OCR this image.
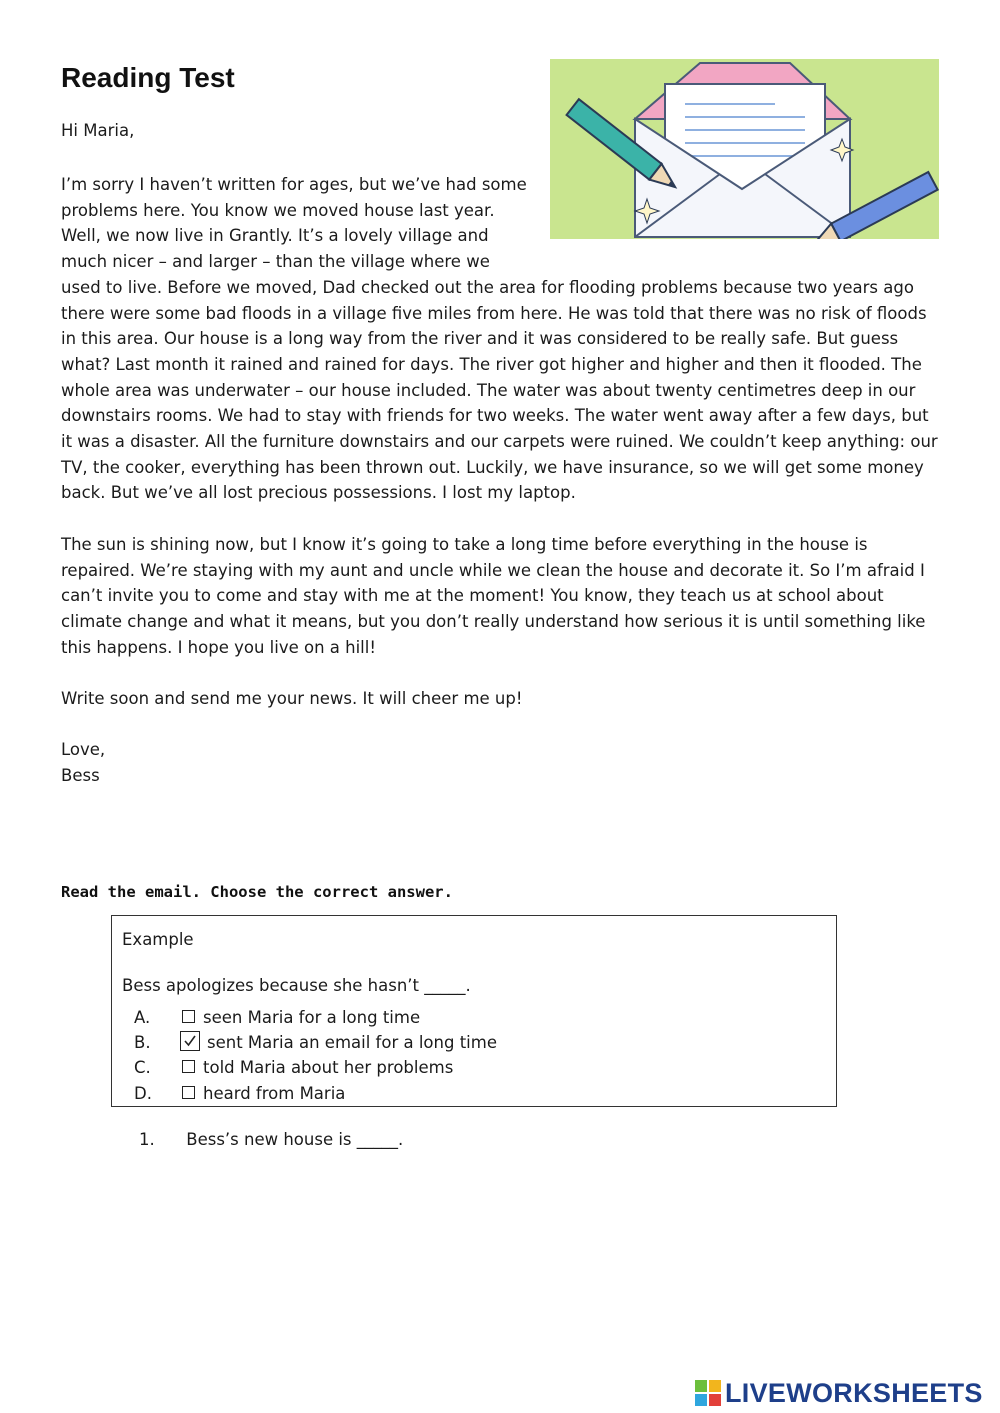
Reading Test
Hi Maria,

I’m sorry I haven’t written for ages, but we’ve had some problems here. You know we moved house last year. Well, we now live in Grantly. It’s a lovely village and much nicer – and larger – than the village where we used to live. Before we moved, Dad checked out the area for flooding problems because two years ago there were some bad floods in a village five miles from here. He was told that there was no risk of floods in this area. Our house is a long way from the river and it was considered to be really safe. But guess what? Last month it rained and rained for days. The river got higher and higher and then it flooded. The whole area was underwater – our house included. The water was about twenty centimetres deep in our downstairs rooms. We had to stay with friends for two weeks. The water went away after a few days, but it was a disaster. All the furniture downstairs and our carpets were ruined. We couldn’t keep anything: our TV, the cooker, everything has been thrown out. Luckily, we have insurance, so we will get some money back. But we’ve all lost precious possessions. I lost my laptop.

The sun is shining now, but I know it’s going to take a long time before everything in the house is repaired. We’re staying with my aunt and uncle while we clean the house and decorate it. So I’m afraid I can’t invite you to come and stay with me at the moment! You know, they teach us at school about climate change and what it means, but you don’t really understand how serious it is until something like this happens. I hope you live on a hill!

Write soon and send me your news. It will cheer me up!

Love,
Bess
Read the email. Choose the correct answer.
Example
Bess apologizes because she hasn’t _____.
A.	seen Maria for a long time
B.	sent Maria an email for a long time
C.	told Maria about her problems
D.	heard from Maria
1. Bess’s new house is _____.
LIVEWORKSHEETS
